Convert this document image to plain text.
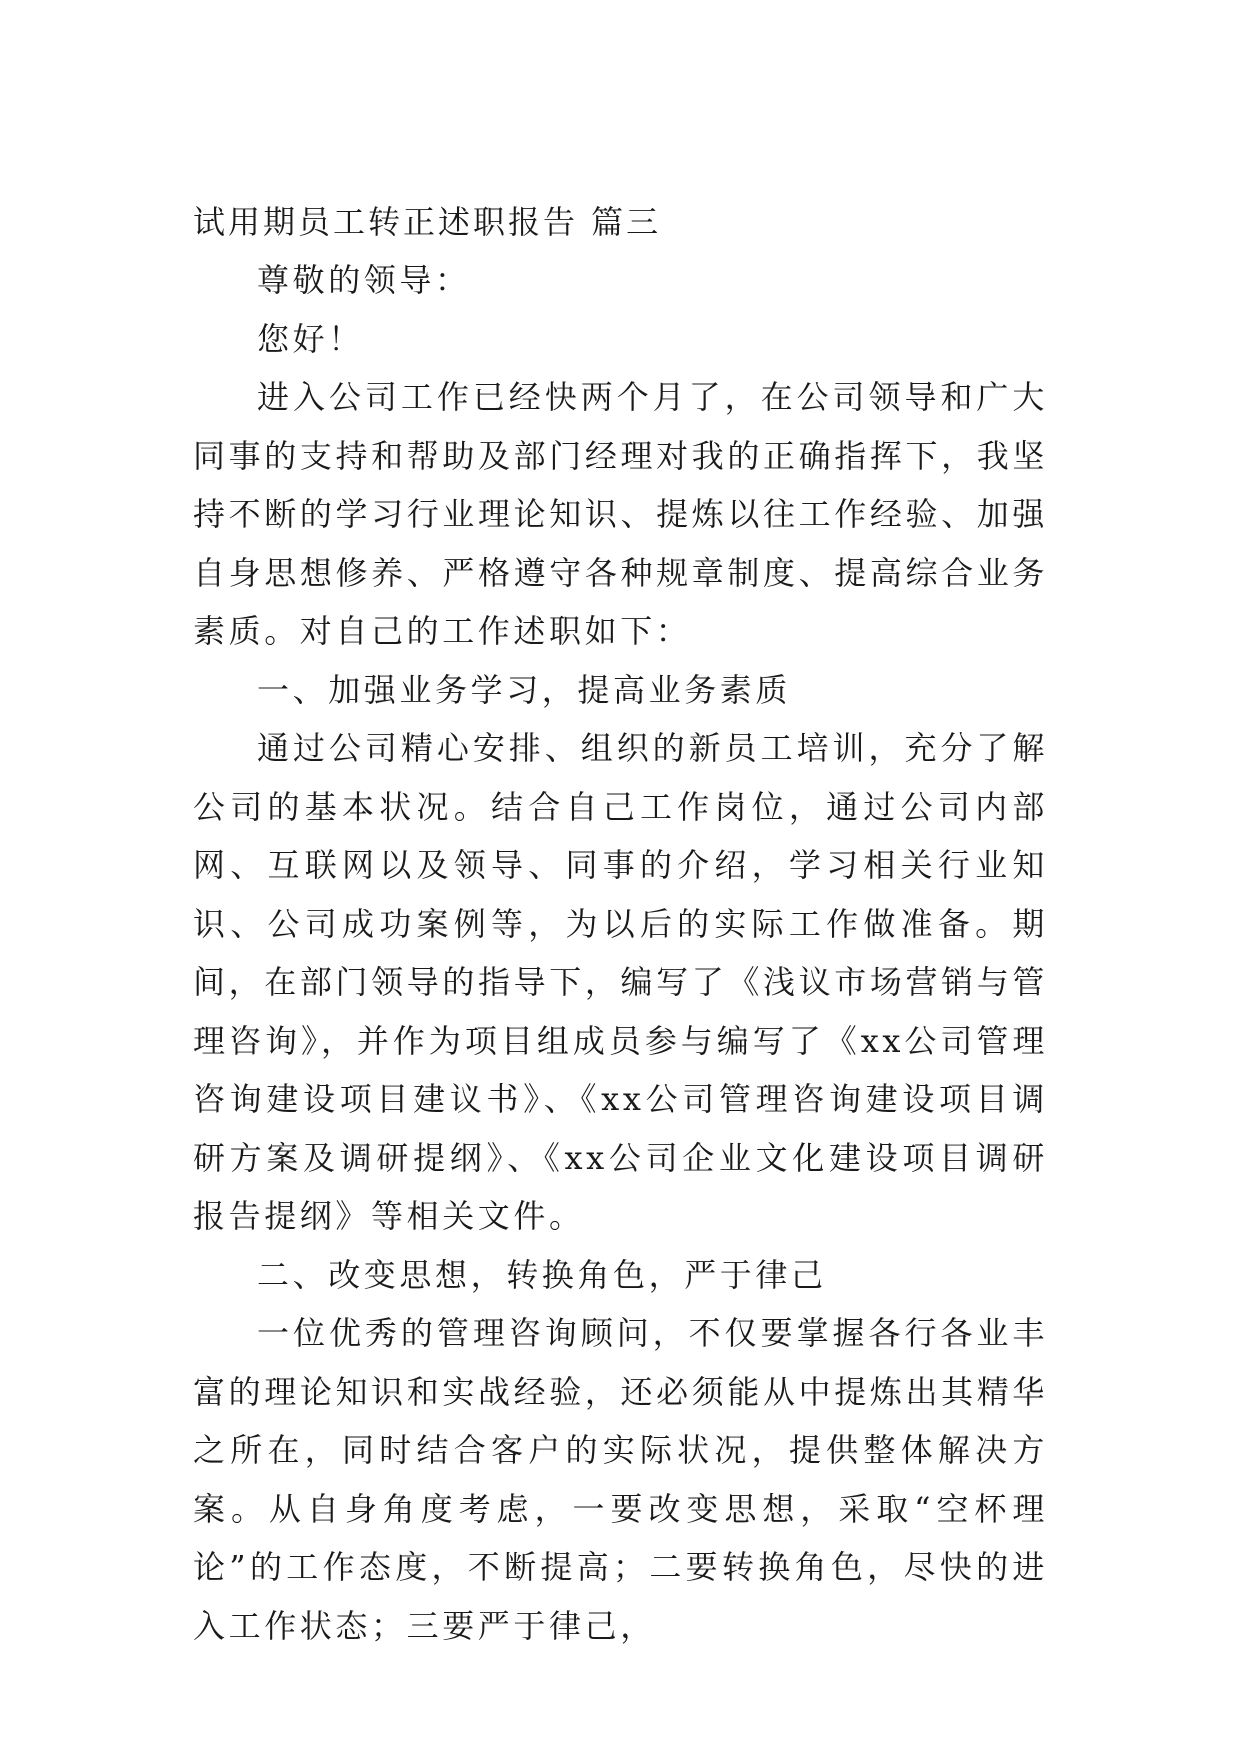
试用期员工转正述职报告 篇三

尊敬的领导：

您好！

进入公司工作已经快两个月了，在公司领导和广大同事的支持和帮助及部门经理对我的正确指挥下，我坚持不断的学习行业理论知识、提炼以往工作经验、加强自身思想修养、严格遵守各种规章制度、提高综合业务素质。对自己的工作述职如下：

一、加强业务学习，提高业务素质

通过公司精心安排、组织的新员工培训，充分了解公司的基本状况。结合自己工作岗位，通过公司内部网、互联网以及领导、同事的介绍，学习相关行业知识、公司成功案例等，为以后的实际工作做准备。期间，在部门领导的指导下，编写了《浅议市场营销与管理咨询》，并作为项目组成员参与编写了《xx公司管理咨询建设项目建议书》、《xx公司管理咨询建设项目调研方案及调研提纲》、《xx公司企业文化建设项目调研报告提纲》等相关文件。

二、改变思想，转换角色，严于律己

一位优秀的管理咨询顾问，不仅要掌握各行各业丰富的理论知识和实战经验，还必须能从中提炼出其精华之所在，同时结合客户的实际状况，提供整体解决方案。从自身角度考虑，一要改变思想，采取“空杯理论”的工作态度，不断提高；二要转换角色，尽快的进入工作状态；三要严于律己，
